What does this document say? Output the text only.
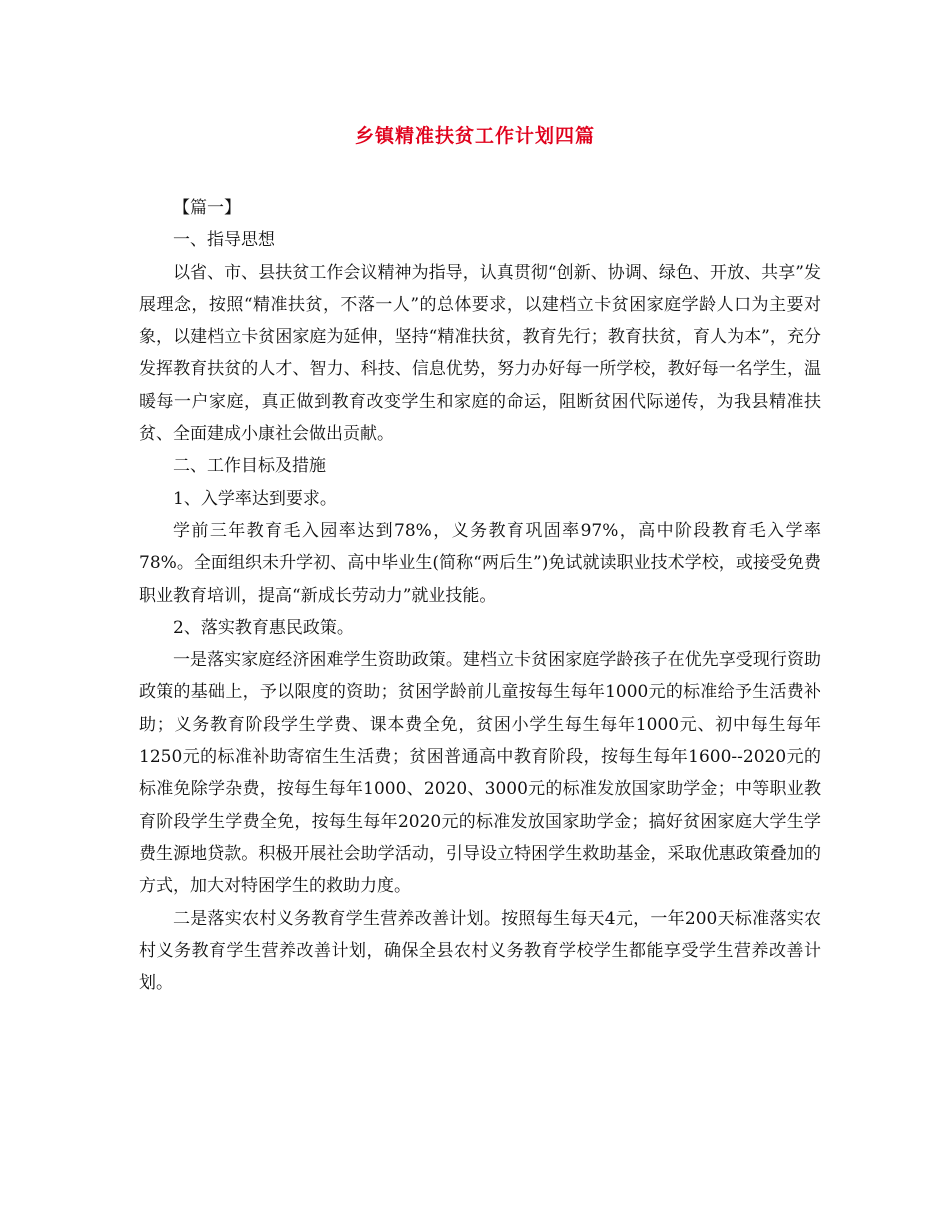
乡镇精准扶贫工作计划四篇

【篇一】

一、指导思想

以省、市、县扶贫工作会议精神为指导，认真贯彻“创新、协调、绿色、开放、共享”发展理念，按照“精准扶贫，不落一人”的总体要求，以建档立卡贫困家庭学龄人口为主要对象，以建档立卡贫困家庭为延伸，坚持“精准扶贫，教育先行；教育扶贫，育人为本”，充分发挥教育扶贫的人才、智力、科技、信息优势，努力办好每一所学校，教好每一名学生，温暖每一户家庭，真正做到教育改变学生和家庭的命运，阻断贫困代际递传，为我县精准扶贫、全面建成小康社会做出贡献。

二、工作目标及措施

1、入学率达到要求。

学前三年教育毛入园率达到78%，义务教育巩固率97%，高中阶段教育毛入学率78%。全面组织未升学初、高中毕业生(简称“两后生”)免试就读职业技术学校，或接受免费职业教育培训，提高“新成长劳动力”就业技能。

2、落实教育惠民政策。

一是落实家庭经济困难学生资助政策。建档立卡贫困家庭学龄孩子在优先享受现行资助政策的基础上，予以限度的资助；贫困学龄前儿童按每生每年1000元的标准给予生活费补助；义务教育阶段学生学费、课本费全免，贫困小学生每生每年1000元、初中每生每年1250元的标准补助寄宿生生活费；贫困普通高中教育阶段，按每生每年1600--2020元的标准免除学杂费，按每生每年1000、2020、3000元的标准发放国家助学金；中等职业教育阶段学生学费全免，按每生每年2020元的标准发放国家助学金；搞好贫困家庭大学生学费生源地贷款。积极开展社会助学活动，引导设立特困学生救助基金，采取优惠政策叠加的方式，加大对特困学生的救助力度。

二是落实农村义务教育学生营养改善计划。按照每生每天4元，一年200天标准落实农村义务教育学生营养改善计划，确保全县农村义务教育学校学生都能享受学生营养改善计划。
